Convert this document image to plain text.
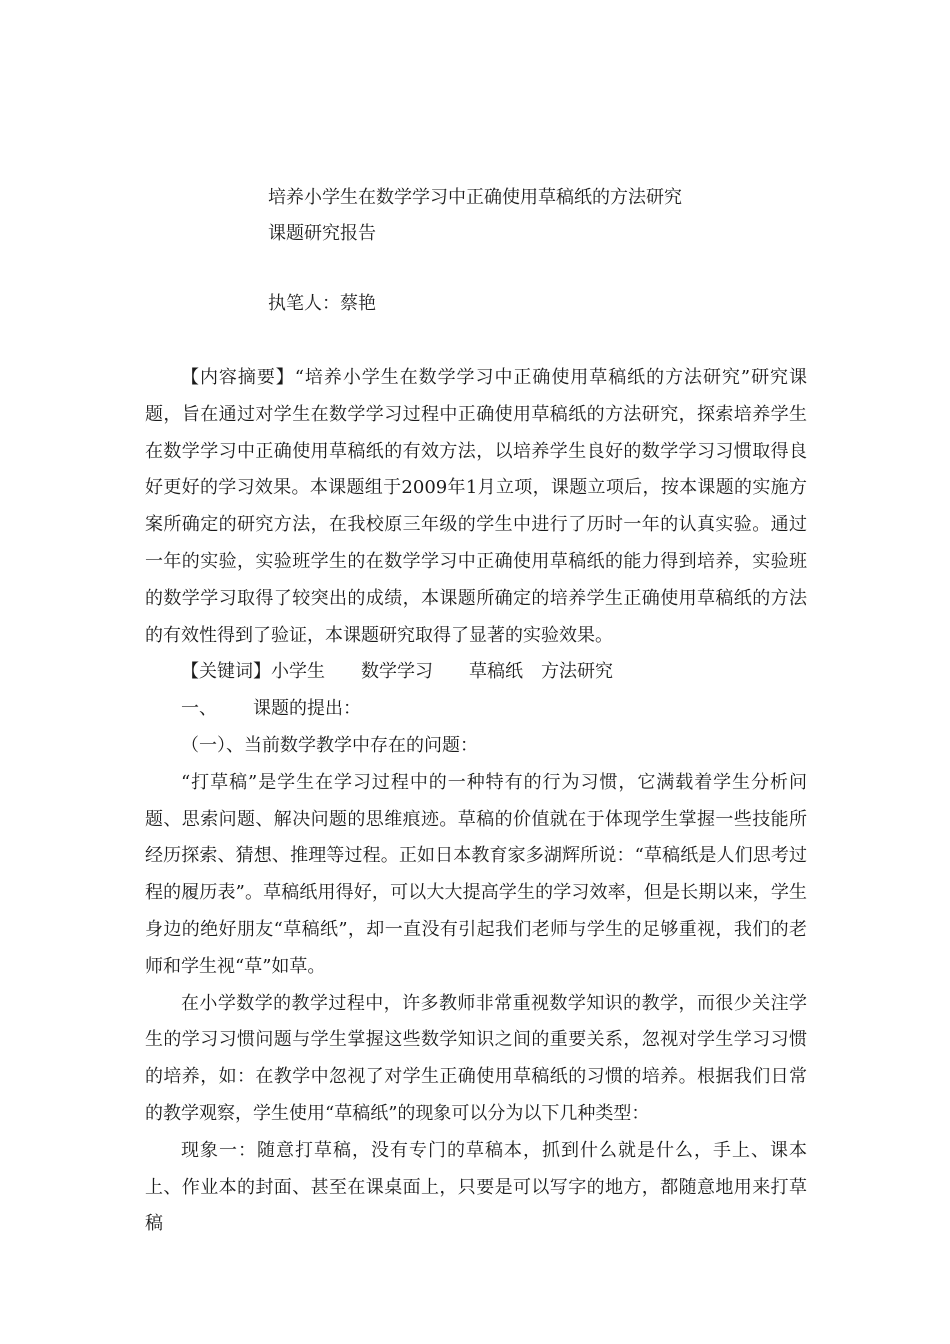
培养小学生在数学学习中正确使用草稿纸的方法研究
课题研究报告
执笔人：蔡艳

【内容摘要】“培养小学生在数学学习中正确使用草稿纸的方法研究”研究课题，旨在通过对学生在数学学习过程中正确使用草稿纸的方法研究，探索培养学生在数学学习中正确使用草稿纸的有效方法，以培养学生良好的数学学习习惯取得良好更好的学习效果。本课题组于2009年1月立项，课题立项后，按本课题的实施方案所确定的研究方法，在我校原三年级的学生中进行了历时一年的认真实验。通过一年的实验，实验班学生的在数学学习中正确使用草稿纸的能力得到培养，实验班的数学学习取得了较突出的成绩，本课题所确定的培养学生正确使用草稿纸的方法的有效性得到了验证，本课题研究取得了显著的实验效果。

【关键词】小学生 数学学习 草稿纸 方法研究

一、 课题的提出：

（一）、当前数学教学中存在的问题：

“打草稿”是学生在学习过程中的一种特有的行为习惯，它满载着学生分析问题、思索问题、解决问题的思维痕迹。草稿的价值就在于体现学生掌握一些技能所经历探索、猜想、推理等过程。正如日本教育家多湖辉所说：“草稿纸是人们思考过程的履历表”。草稿纸用得好，可以大大提高学生的学习效率，但是长期以来，学生身边的绝好朋友“草稿纸”，却一直没有引起我们老师与学生的足够重视，我们的老师和学生视“草”如草。

在小学数学的教学过程中，许多教师非常重视数学知识的教学，而很少关注学生的学习习惯问题与学生掌握这些数学知识之间的重要关系，忽视对学生学习习惯的培养，如：在教学中忽视了对学生正确使用草稿纸的习惯的培养。根据我们日常的教学观察，学生使用“草稿纸”的现象可以分为以下几种类型：

现象一：随意打草稿，没有专门的草稿本，抓到什么就是什么，手上、课本上、作业本的封面、甚至在课桌面上，只要是可以写字的地方，都随意地用来打草稿
